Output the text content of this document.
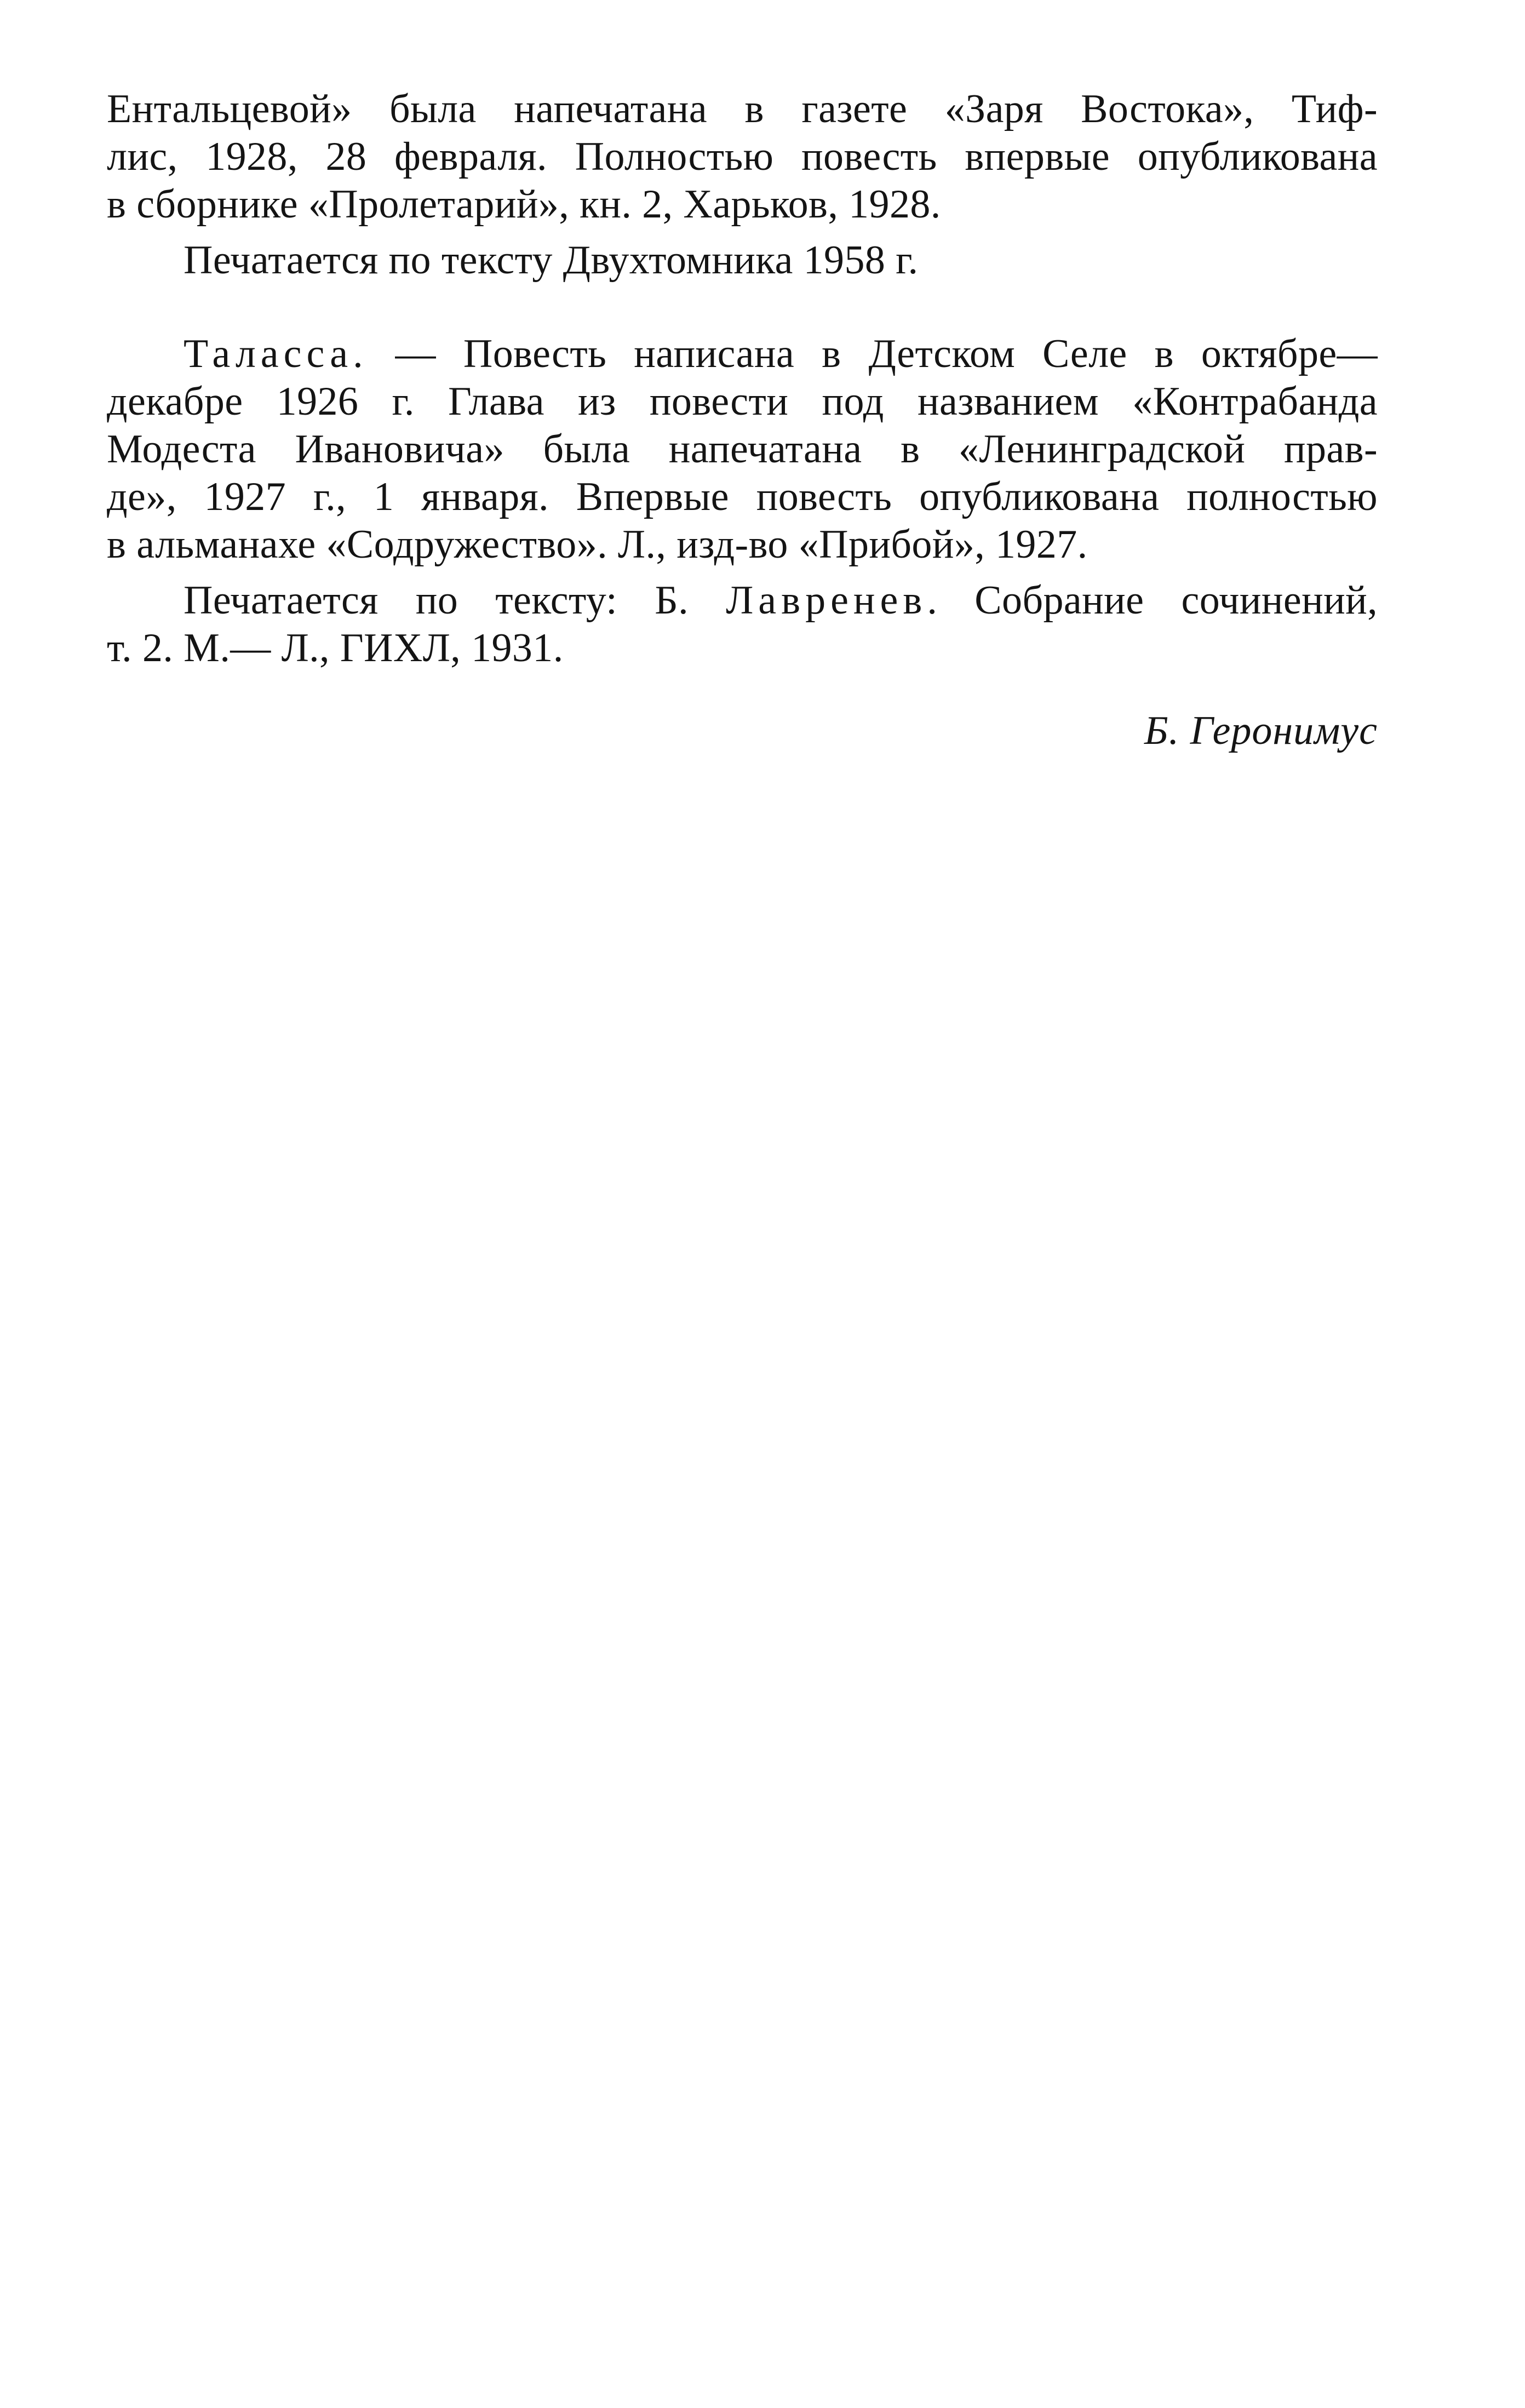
Ентальцевой» была напечатана в газете «Заря Востока», Тиф-
лис, 1928, 28 февраля. Полностью повесть впервые опубликована
в сборнике «Пролетарий», кн. 2, Харьков, 1928.
Печатается по тексту Двухтомника 1958 г.
Таласса. — Повесть написана в Детском Селе в октябре—
декабре 1926 г. Глава из повести под названием «Контрабанда
Модеста Ивановича» была напечатана в «Ленинградской прав-
де», 1927 г., 1 января. Впервые повесть опубликована полностью
в альманахе «Содружество». Л., изд-во «Прибой», 1927.
Печатается по тексту: Б. Лавренев. Собрание сочинений,
т. 2. М.— Л., ГИХЛ, 1931.
Б. Геронимус
